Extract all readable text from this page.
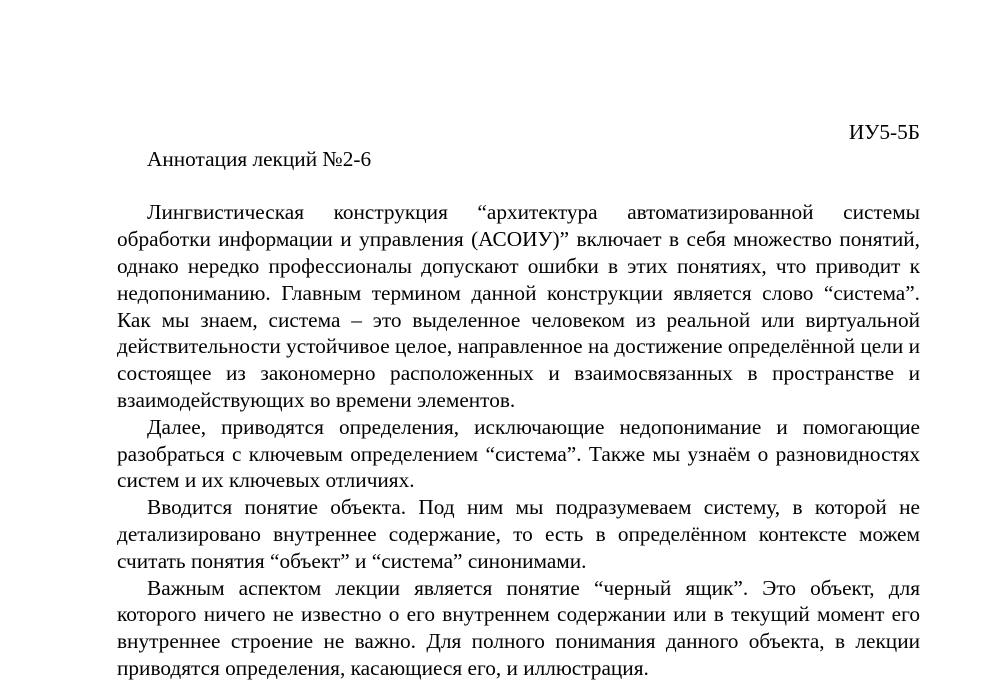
ИУ5-5Б
Аннотация лекций №2-6

Лингвистическая конструкция “архитектура автоматизированной системы обработки информации и управления (АСОИУ)” включает в себя множество понятий, однако нередко профессионалы допускают ошибки в этих понятиях, что приводит к недопониманию. Главным термином данной конструкции является слово “система”. Как мы знаем, система – это выделенное человеком из реальной или виртуальной действительности устойчивое целое, направленное на достижение определённой цели и состоящее из закономерно расположенных и взаимосвязанных в пространстве и взаимодействующих во времени элементов.

Далее, приводятся определения, исключающие недопонимание и помогающие разобраться с ключевым определением “система”. Также мы узнаём о разновидностях систем и их ключевых отличиях.

Вводится понятие объекта. Под ним мы подразумеваем систему, в которой не детализировано внутреннее содержание, то есть в определённом контексте можем считать понятия “объект” и “система” синонимами.

Важным аспектом лекции является понятие “черный ящик”. Это объект, для которого ничего не известно о его внутреннем содержании или в текущий момент его внутреннее строение не важно. Для полного понимания данного объекта, в лекции приводятся определения, касающиеся его, и иллюстрация.
